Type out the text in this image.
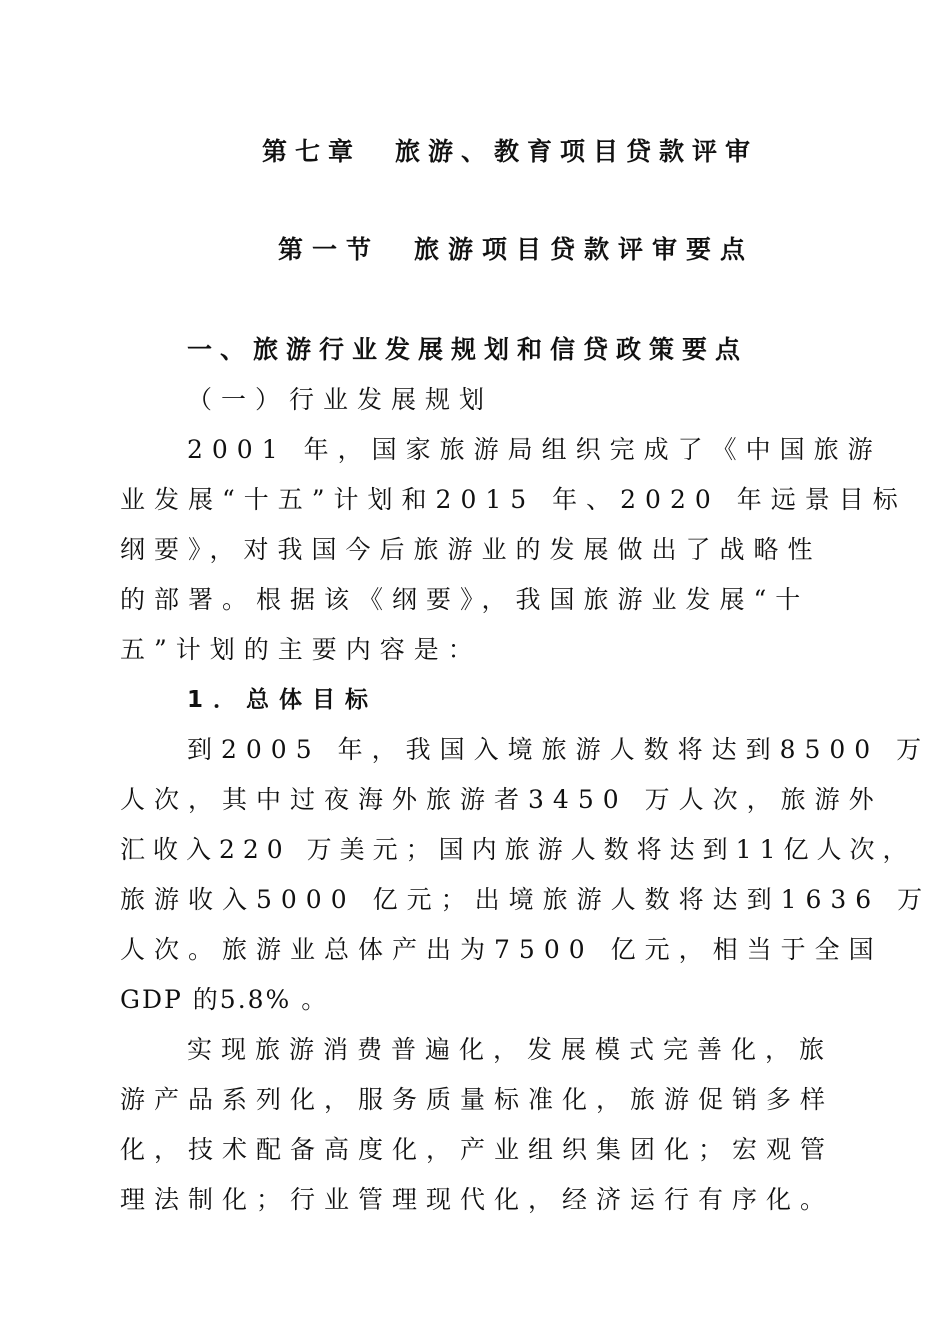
第七章 旅游、教育项目贷款评审
第一节 旅游项目贷款评审要点
一、旅游行业发展规划和信贷政策要点
（一）行业发展规划
2001 年，国家旅游局组织完成了《中国旅游
业发展“十五”计划和2015 年、2020 年远景目标
纲要》，对我国今后旅游业的发展做出了战略性
的部署。根据该《纲要》，我国旅游业发展“十
五”计划的主要内容是：
1．总体目标
到2005 年，我国入境旅游人数将达到8500 万
人次，其中过夜海外旅游者3450 万人次，旅游外
汇收入220 万美元；国内旅游人数将达到11亿人次，
旅游收入5000 亿元；出境旅游人数将达到1636 万
人次。旅游业总体产出为7500 亿元，相当于全国
GDP 的5.8% 。
实现旅游消费普遍化，发展模式完善化，旅
游产品系列化，服务质量标准化，旅游促销多样
化，技术配备高度化，产业组织集团化；宏观管
理法制化；行业管理现代化，经济运行有序化。
